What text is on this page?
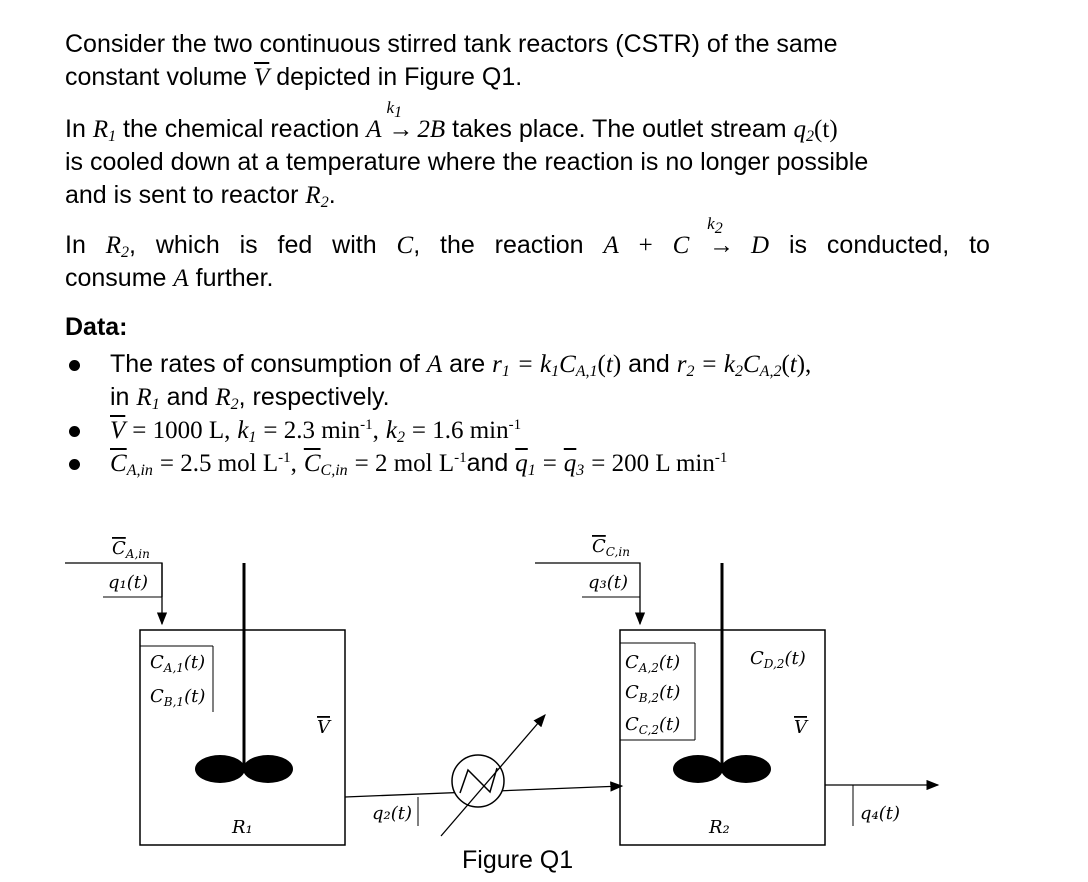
Consider the two continuous stirred tank reactors (CSTR) of the same
constant volume $\overline{V}$ depicted in Figure Q1.

In $R_1$ the chemical reaction A
$k_1$
→ 2B takes place. The outlet stream $q_2(t)$
is cooled down at a temperature where the reaction is no longer possible
and is sent to reactor $R_2$.

In $R_2$, which is fed with C, the reaction A + C
$k_2$
→ D is conducted, to
consume A further.

Data:
The rates of consumption of A are $r_1 = k_1C_{A,1}(t)$ and $r_2 = k_2C_{A,2}(t)$,
in $R_1$ and $R_2$, respectively.
$\overline{V} = 1000$ L, $k_1 = 2.3$ $\min^{-1}$, $k_2 = 1.6$ $\min^{-1}$
$\overline{C}_{A,in} = 2.5$ mol $L^{-1}$, $\overline{C}_{C,in} = 2$ mol $L^{-1}and$ $\overline{q}_1 = \overline{q}_3 = 200$ L $\min^{-1}$
$C_{A,in}$
q₁(t)
$C_{A,1}(t)$
$C_{B,1}(t)$
V
R₁
q₂(t)
$C_{C,in}$
q₃(t)
$C_{A,2}(t)$
$C_{B,2}(t)$
$C_{C,2}(t)$
$C_{D,2}(t)$
V
R₂
q₄(t)
Figure Q1
